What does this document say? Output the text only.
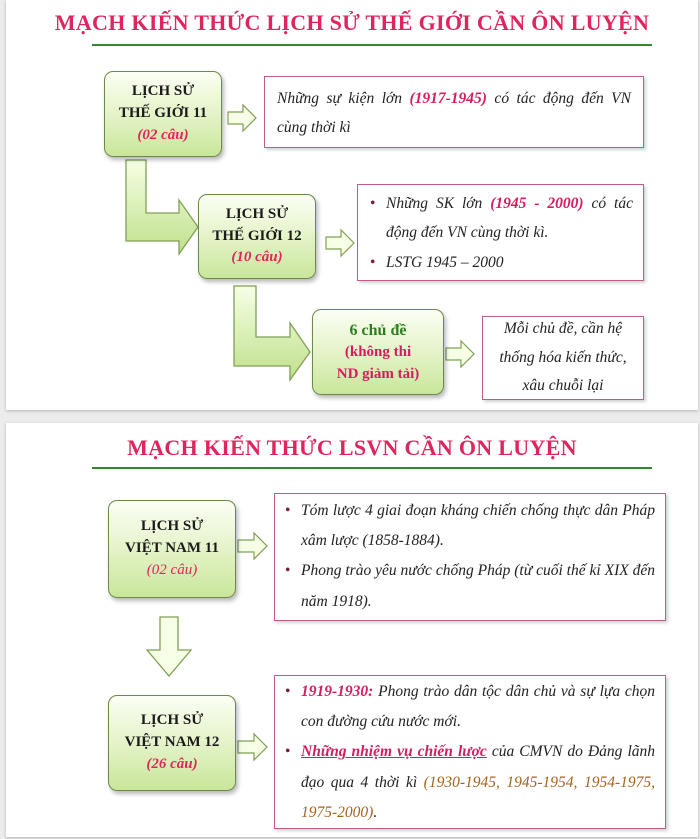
MẠCH KIẾN THỨC LỊCH SỬ THẾ GIỚI CẦN ÔN LUYỆN
LỊCH SỬ
THẾ GIỚI 11
(02 câu)
Những sự kiện lớn (1917-1945) có tác động đến VN cùng thời kì
LỊCH SỬ
THẾ GIỚI 12
(10 câu)
• Những SK lớn (1945 - 2000) có tác động đến VN cùng thời kì.
• LSTG 1945 – 2000
6 chủ đề
(không thi
ND giảm tải)
Mỗi chủ đề, cần hệ thống hóa kiến thức, xâu chuỗi lại
MẠCH KIẾN THỨC LSVN CẦN ÔN LUYỆN
LỊCH SỬ
VIỆT NAM 11
(02 câu)
• Tóm lược 4 giai đoạn kháng chiến chống thực dân Pháp xâm lược (1858-1884).
• Phong trào yêu nước chống Pháp (từ cuối thế kỉ XIX đến năm 1918).
LỊCH SỬ
VIỆT NAM 12
(26 câu)
• 1919-1930: Phong trào dân tộc dân chủ và sự lựa chọn con đường cứu nước mới.
• Những nhiệm vụ chiến lược của CMVN do Đảng lãnh đạo qua 4 thời kì (1930-1945, 1945-1954, 1954-1975, 1975-2000).
